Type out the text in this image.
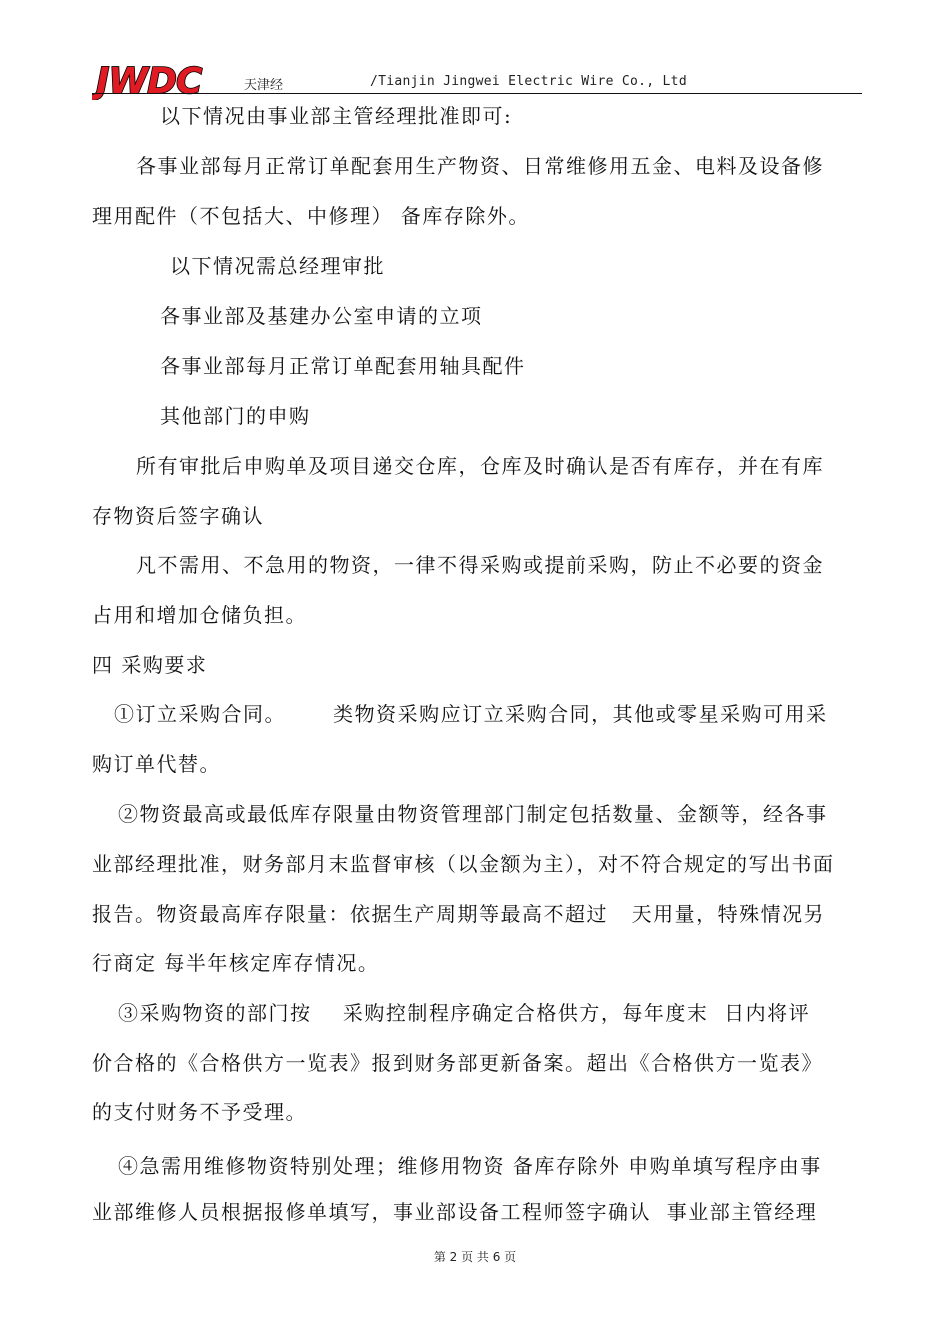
JWDC	天津经	/Tianjin Jingwei Electric Wire Co., Ltd
以下情况由事业部主管经理批准即可:
各事业部每月正常订单配套用生产物资、日常维修用五金、电料及设备修
理用配件（不包括大、中修理） 备库存除外。
以下情况需总经理审批
各事业部及基建办公室申请的立项
各事业部每月正常订单配套用轴具配件
其他部门的申购
所有审批后申购单及项目递交仓库，仓库及时确认是否有库存，并在有库
存物资后签字确认
凡不需用、不急用的物资，一律不得采购或提前采购，防止不必要的资金
占用和增加仓储负担。
四 采购要求
①订立采购合同。      类物资采购应订立采购合同，其他或零星采购可用采
购订单代替。
②物资最高或最低库存限量由物资管理部门制定包括数量、金额等，经各事
业部经理批准，财务部月末监督审核（以金额为主），对不符合规定的写出书面
报告。物资最高库存限量：依据生产周期等最高不超过   天用量，特殊情况另
行商定 每半年核定库存情况。
③采购物资的部门按    采购控制程序确定合格供方，每年度末  日内将评
价合格的《合格供方一览表》报到财务部更新备案。超出《合格供方一览表》
的支付财务不予受理。
④急需用维修物资特别处理；维修用物资 备库存除外 申购单填写程序由事
业部维修人员根据报修单填写，事业部设备工程师签字确认  事业部主管经理
第 2 页 共 6 页
